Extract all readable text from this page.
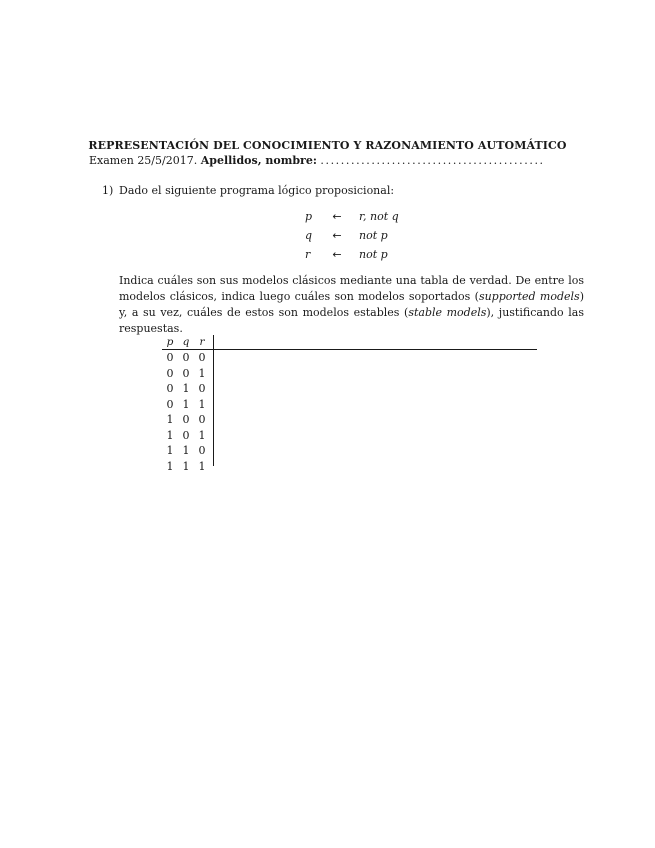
REPRESENTACIÓN DEL CONOCIMIENTO Y RAZONAMIENTO AUTOMÁTICO
Examen 25/5/2017. Apellidos, nombre: ............................................
1) Dado el siguiente programa lógico proposicional:
p	←	r, not q
q	←	not p
r	←	not p
Indica cuáles son sus modelos clásicos mediante una tabla de verdad. De entre los modelos clásicos, indica luego cuáles son modelos soportados (supported models) y, a su vez, cuáles de estos son modelos estables (stable models), justificando las respuestas.
p q r
0 0 0
0 0 1
0 1 0
0 1 1
1 0 0
1 0 1
1 1 0
1 1 1
